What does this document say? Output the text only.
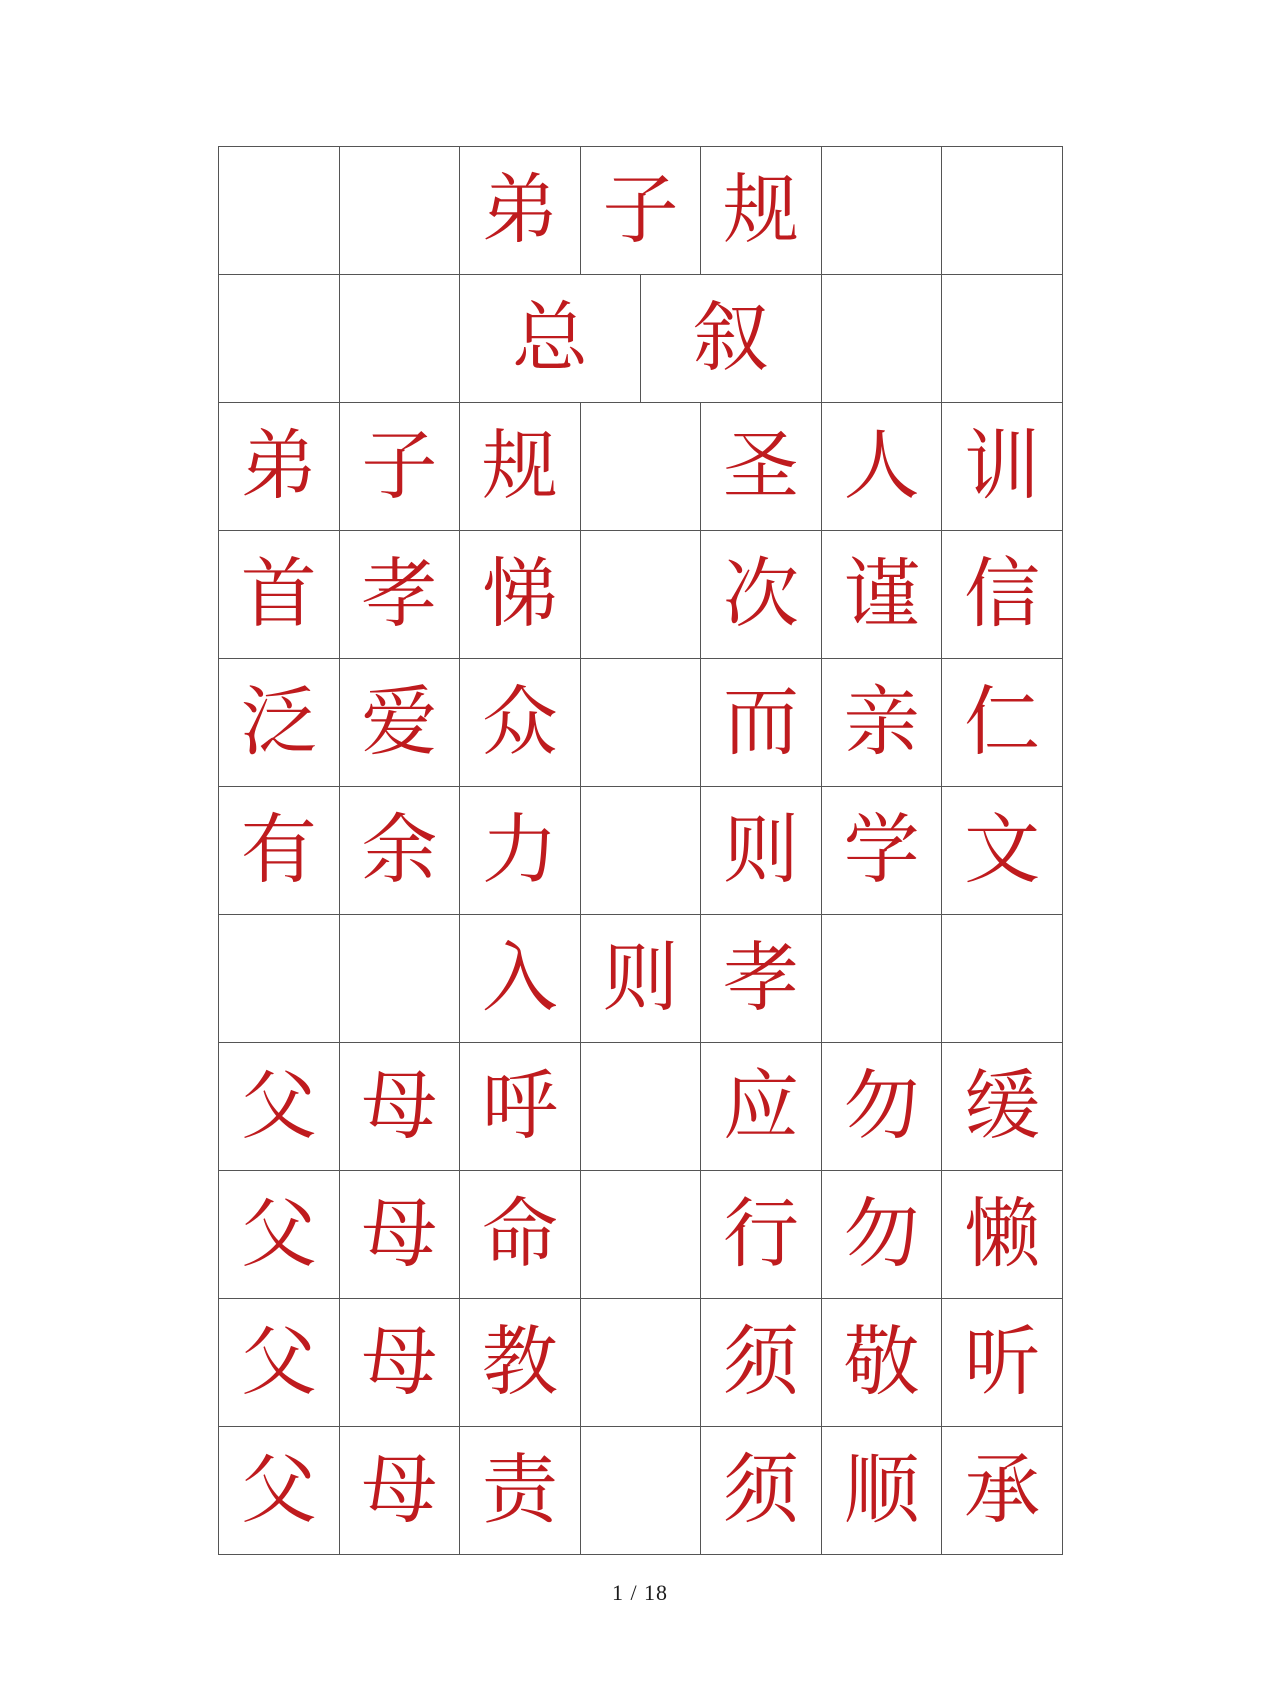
弟 子 规
总 叙
弟 子 规 圣 人 训
首 孝 悌 次 谨 信
泛 爱 众 而 亲 仁
有 余 力 则 学 文
入 则 孝
父 母 呼 应 勿 缓
父 母 命 行 勿 懒
父 母 教 须 敬 听
父 母 责 须 顺 承
1 / 18
